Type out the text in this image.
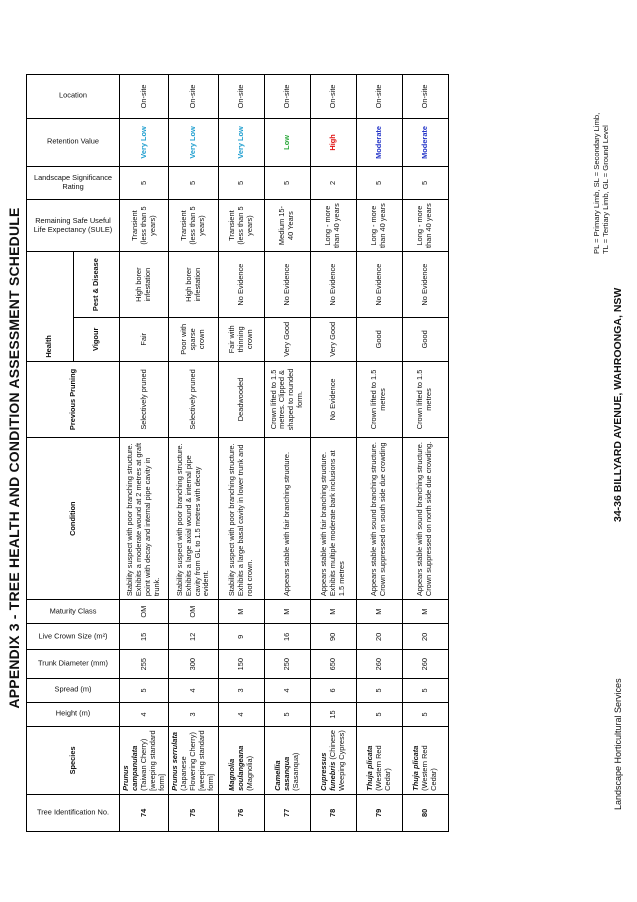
APPENDIX 3 - TREE HEALTH AND CONDITION ASSESSMENT SCHEDULE
Tree Identification No.	Species	Height (m)	Spread (m)	Trunk Diameter (mm)	Live Crown Size (m²)	Maturity Class	Condition	Previous Pruning	Health		Remaining Safe Useful Life Expectancy (SULE)	Landscape Significance Rating	Retention Value	Location

									Vigour	Pest & Disease				
74	Prunus campanulata (Taiwan Cherry) [weeping standard form]	4	5	255	15	OM	Stability suspect with poor branching structure. Exhibits a moderate wound at 2 metres at graft point with decay and internal pipe cavity in trunk.	Selectively pruned	Fair	High borer infestation	Transient (less than 5 years)	5	Very Low	On-site
75	Prunus serrulata (Japanese Flowering Cherry) [weeping standard form]	3	4	300	12	OM	Stability suspect with poor branching structure. Exhibits a large axial wound & internal pipe cavity from GL to 1.5 metres with decay evident.	Selectively pruned	Poor with sparse crown	High borer infestation	Transient (less than 5 years)	5	Very Low	On-site
76	Magnolia soulangeana (Magnolia)	4	3	150	9	M	Stability suspect with poor branching structure. Exhibits a large basal cavity in lower trunk and root crown.	Deadwooded	Fair with thinning crown	No Evidence	Transient (less than 5 years)	5	Very Low	On-site
77	Camellia sasanqua (Sasanqua)	5	4	250	16	M	Appears stable with fair branching structure.	Crown lifted to 1.5 metres. Clipped & shaped to rounded form.	Very Good	No Evidence	Medium 15-40 Years	5	Low	On-site
78	Cupressus funebris (Chinese Weeping Cypress)	15	6	650	90	M	Appears stable with fair branching structure. Exhibits multiple moderate bark inclusions at 1.5 metres	No Evidence	Very Good	No Evidence	Long - more than 40 years	2	High	On-site
79	Thuja plicata (Western Red Cedar)	5	5	260	20	M	Appears stable with sound branching structure. Crown suppressed on south side due crowding	Crown lifted to 1.5 metres	Good	No Evidence	Long - more than 40 years	5	Moderate	On-site
80	Thuja plicata (Western Red Cedar)	5	5	260	20	M	Appears stable with sound branching structure. Crown suppressed on north side due crowding.	Crown lifted to 1.5 metres	Good	No Evidence	Long - more than 40 years	5	Moderate	On-site
Landscape Horticultural Services
34-36 BILLYARD AVENUE, WAHROONGA, NSW
PL = Primary Limb, SL = Secondary Limb, TL = Tertiary Limb, GL = Ground Level
